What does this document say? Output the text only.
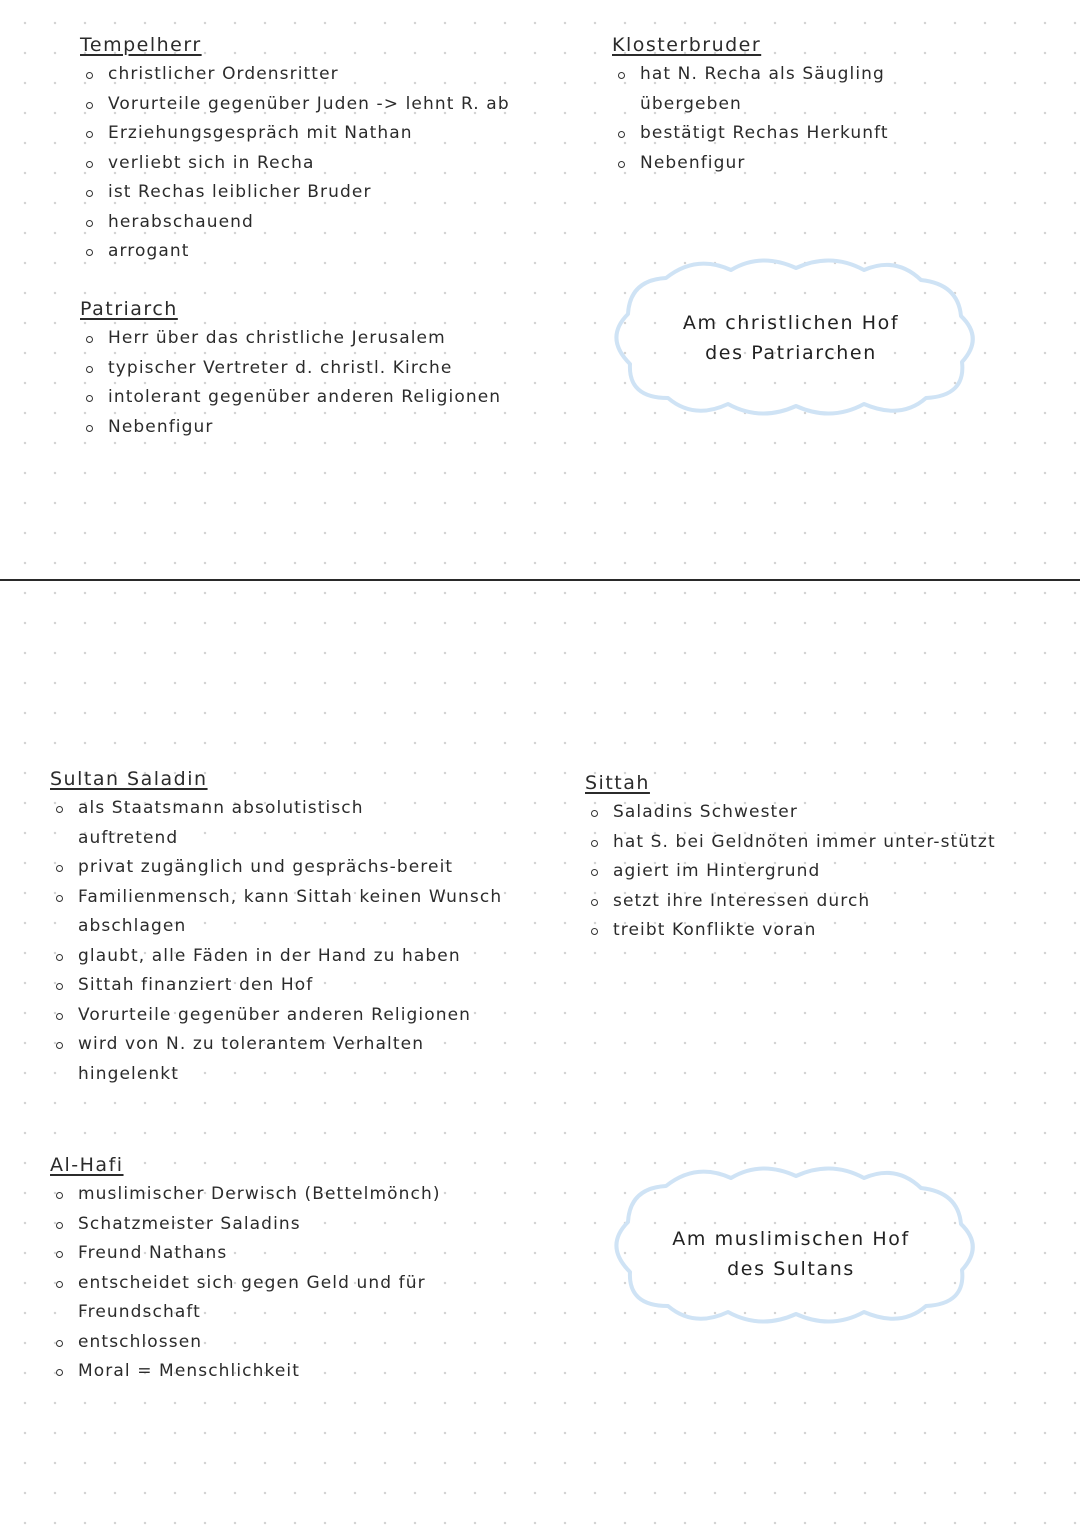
Tempelherr
christlicher Ordensritter
Vorurteile gegenüber Juden -> lehnt R. ab
Erziehungsgespräch mit Nathan
verliebt sich in Recha
ist Rechas leiblicher Bruder
herabschauend
arrogant
Klosterbruder
hat N. Recha als Säugling übergeben
bestätigt Rechas Herkunft
Nebenfigur
Patriarch
Herr über das christliche Jerusalem
typischer Vertreter d. christl. Kirche
intolerant gegenüber anderen Religionen
Nebenfigur
Am christlichen Hof
des Patriarchen
Sultan Saladin
als Staatsmann absolutistisch auftretend
privat zugänglich und gesprächs-bereit
Familienmensch, kann Sittah keinen Wunsch abschlagen
glaubt, alle Fäden in der Hand zu haben
Sittah finanziert den Hof
Vorurteile gegenüber anderen Religionen
wird von N. zu tolerantem Verhalten hingelenkt
Sittah
Saladins Schwester
hat S. bei Geldnöten immer unter-stützt
agiert im Hintergrund
setzt ihre Interessen durch
treibt Konflikte voran
Al-Hafi
muslimischer Derwisch (Bettelmönch)
Schatzmeister Saladins
Freund Nathans
entscheidet sich gegen Geld und für Freundschaft
entschlossen
Moral = Menschlichkeit
Am muslimischen Hof
des Sultans
